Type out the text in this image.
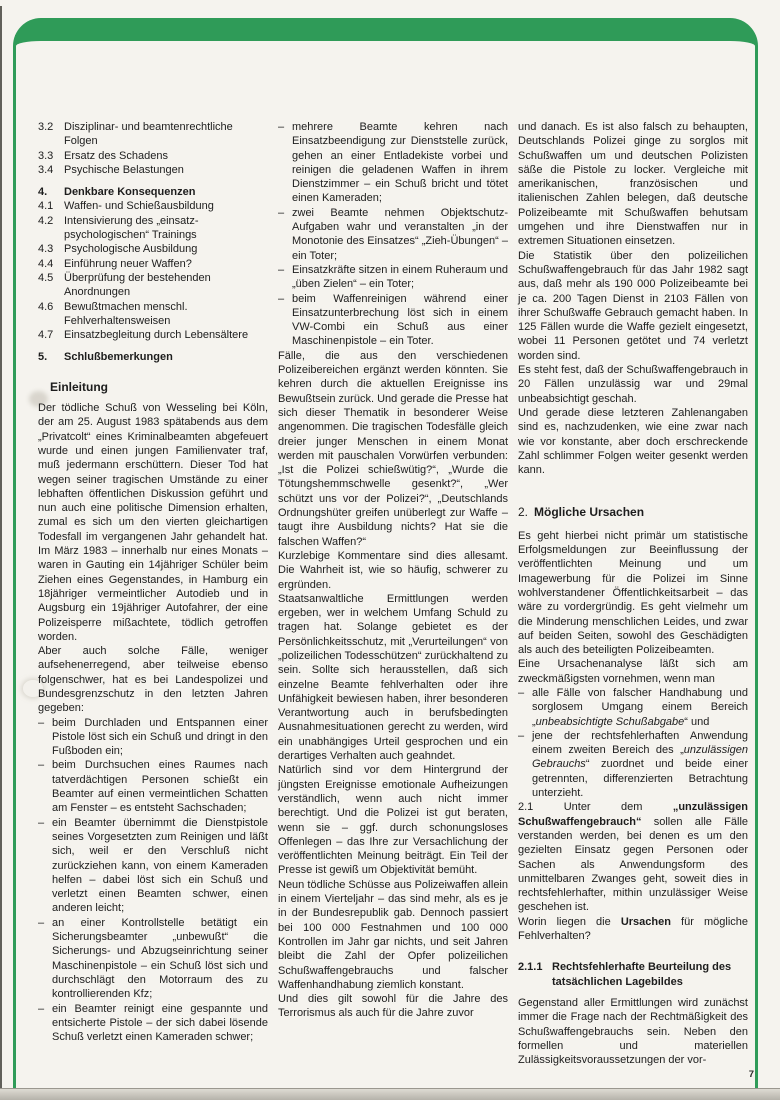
3.2 Disziplinar- und beamtenrechtliche Folgen
3.3 Ersatz des Schadens
3.4 Psychische Belastungen
4.	Denkbare Konsequenzen
4.1 Waffen- und Schießausbildung
4.2 Intensivierung des „einsatz-psychologischen“ Trainings
4.3 Psychologische Ausbildung
4.4 Einführung neuer Waffen?
4.5 Überprüfung der bestehenden Anordnungen
4.6 Bewußtmachen menschl. Fehlverhaltensweisen
4.7 Einsatzbegleitung durch Lebensältere
5.	Schlußbemerkungen
Einleitung

Der tödliche Schuß von Wesseling bei Köln, der am 25. August 1983 spätabends aus dem „Privatcolt“ eines Kriminalbeamten abgefeuert wurde und einen jungen Familienvater traf, muß jedermann erschüttern. Dieser Tod hat wegen seiner tragischen Umstände zu einer lebhaften öffentlichen Diskussion geführt und nun auch eine politische Dimension erhalten, zumal es sich um den vierten gleichartigen Todesfall im vergangenen Jahr gehandelt hat. Im März 1983 – innerhalb nur eines Monats – waren in Gauting ein 14jähriger Schüler beim Ziehen eines Gegenstandes, in Hamburg ein 18jähriger vermeintlicher Autodieb und in Augsburg ein 19jähriger Autofahrer, der eine Polizeisperre mißachtete, tödlich getroffen worden.

Aber auch solche Fälle, weniger aufsehenerregend, aber teilweise ebenso folgenschwer, hat es bei Landespolizei und Bundesgrenzschutz in den letzten Jahren gegeben:

– beim Durchladen und Entspannen einer Pistole löst sich ein Schuß und dringt in den Fußboden ein;
– beim Durchsuchen eines Raumes nach tatverdächtigen Personen schießt ein Beamter auf einen vermeintlichen Schatten am Fenster – es entsteht Sachschaden;
– ein Beamter übernimmt die Dienstpistole seines Vorgesetzten zum Reinigen und läßt sich, weil er den Verschluß nicht zurückziehen kann, von einem Kameraden helfen – dabei löst sich ein Schuß und verletzt einen Beamten schwer, einen anderen leicht;
– an einer Kontrollstelle betätigt ein Sicherungsbeamter „unbewußt“ die Sicherungs- und Abzugseinrichtung seiner Maschinenpistole – ein Schuß löst sich und durchschlägt den Motorraum des zu kontrollierenden Kfz;
– ein Beamter reinigt eine gespannte und entsicherte Pistole – der sich dabei lösende Schuß verletzt einen Kameraden schwer;
– mehrere Beamte kehren nach Einsatzbeendigung zur Dienststelle zurück, gehen an einer Entladekiste vorbei und reinigen die geladenen Waffen in ihrem Dienstzimmer – ein Schuß bricht und tötet einen Kameraden;
– zwei Beamte nehmen Objektschutz-Aufgaben wahr und veranstalten „in der Monotonie des Einsatzes“ „Zieh-Übungen“ – ein Toter;
– Einsatzkräfte sitzen in einem Ruheraum und „üben Zielen“ – ein Toter;
– beim Waffenreinigen während einer Einsatzunterbrechung löst sich in einem VW-Combi ein Schuß aus einer Maschinenpistole – ein Toter.

Fälle, die aus den verschiedenen Polizeibereichen ergänzt werden könnten. Sie kehren durch die aktuellen Ereignisse ins Bewußtsein zurück. Und gerade die Presse hat sich dieser Thematik in besonderer Weise angenommen. Die tragischen Todesfälle gleich dreier junger Menschen in einem Monat werden mit pauschalen Vorwürfen verbunden: „Ist die Polizei schießwütig?“, „Wurde die Tötungshemmschwelle gesenkt?“, „Wer schützt uns vor der Polizei?“, „Deutschlands Ordnungshüter greifen unüberlegt zur Waffe – taugt ihre Ausbildung nichts? Hat sie die falschen Waffen?“

Kurzlebige Kommentare sind dies allesamt. Die Wahrheit ist, wie so häufig, schwerer zu ergründen.

Staatsanwaltliche Ermittlungen werden ergeben, wer in welchem Umfang Schuld zu tragen hat. Solange gebietet es der Persönlichkeitsschutz, mit „Verurteilungen“ von „polizeilichen Todesschützen“ zurückhaltend zu sein. Sollte sich herausstellen, daß sich einzelne Beamte fehlverhalten oder ihre Unfähigkeit bewiesen haben, ihrer besonderen Verantwortung auch in berufsbedingten Ausnahmesituationen gerecht zu werden, wird ein unabhängiges Urteil gesprochen und ein derartiges Verhalten auch geahndet.

Natürlich sind vor dem Hintergrund der jüngsten Ereignisse emotionale Aufheizungen verständlich, wenn auch nicht immer berechtigt. Und die Polizei ist gut beraten, wenn sie – ggf. durch schonungsloses Offenlegen – das Ihre zur Versachlichung der veröffentlichten Meinung beiträgt. Ein Teil der Presse ist gewiß um Objektivität bemüht.

Neun tödliche Schüsse aus Polizeiwaffen allein in einem Vierteljahr – das sind mehr, als es je in der Bundesrepublik gab. Dennoch passiert bei 100 000 Festnahmen und 100 000 Kontrollen im Jahr gar nichts, und seit Jahren bleibt die Zahl der Opfer polizeilichen Schußwaffengebrauchs und falscher Waffenhandhabung ziemlich konstant.

Und dies gilt sowohl für die Jahre des Terrorismus als auch für die Jahre zuvor

und danach. Es ist also falsch zu behaupten, Deutschlands Polizei ginge zu sorglos mit Schußwaffen um und deutschen Polizisten säße die Pistole zu locker. Vergleiche mit amerikanischen, französischen und italienischen Zahlen belegen, daß deutsche Polizeibeamte mit Schußwaffen behutsam umgehen und ihre Dienstwaffen nur in extremen Situationen einsetzen.

Die Statistik über den polizeilichen Schußwaffengebrauch für das Jahr 1982 sagt aus, daß mehr als 190 000 Polizeibeamte bei je ca. 200 Tagen Dienst in 2103 Fällen von ihrer Schußwaffe Gebrauch gemacht haben. In 125 Fällen wurde die Waffe gezielt eingesetzt, wobei 11 Personen getötet und 74 verletzt worden sind.

Es steht fest, daß der Schußwaffengebrauch in 20 Fällen unzulässig war und 29mal unbeabsichtigt geschah.

Und gerade diese letzteren Zahlenangaben sind es, nachzudenken, wie eine zwar nach wie vor konstante, aber doch erschreckende Zahl schlimmer Folgen weiter gesenkt werden kann.

2. Mögliche Ursachen

Es geht hierbei nicht primär um statistische Erfolgsmeldungen zur Beeinflussung der veröffentlichten Meinung und um Imagewerbung für die Polizei im Sinne wohlverstandener Öffentlichkeitsarbeit – das wäre zu vordergründig. Es geht vielmehr um die Minderung menschlichen Leides, und zwar auf beiden Seiten, sowohl des Geschädigten als auch des beteiligten Polizeibeamten.

Eine Ursachenanalyse läßt sich am zweckmäßigsten vornehmen, wenn man

– alle Fälle von falscher Handhabung und sorglosem Umgang einem Bereich „unbeabsichtigte Schußabgabe“ und
– jene der rechtsfehlerhaften Anwendung einem zweiten Bereich des „unzulässigen Gebrauchs“ zuordnet und beide einer getrennten, differenzierten Betrachtung unterzieht.

2.1 Unter dem „unzulässigen Schußwaffengebrauch“ sollen alle Fälle verstanden werden, bei denen es um den gezielten Einsatz gegen Personen oder Sachen als Anwendungsform des unmittelbaren Zwanges geht, soweit dies in rechtsfehlerhafter, mithin unzulässiger Weise geschehen ist.

Worin liegen die Ursachen für mögliche Fehlverhalten?

2.1.1 Rechtsfehlerhafte Beurteilung des tatsächlichen Lagebildes

Gegenstand aller Ermittlungen wird zunächst immer die Frage nach der Rechtmäßigkeit des Schußwaffengebrauchs sein. Neben den formellen und materiellen Zulässigkeitsvoraussetzungen der vor-

7
